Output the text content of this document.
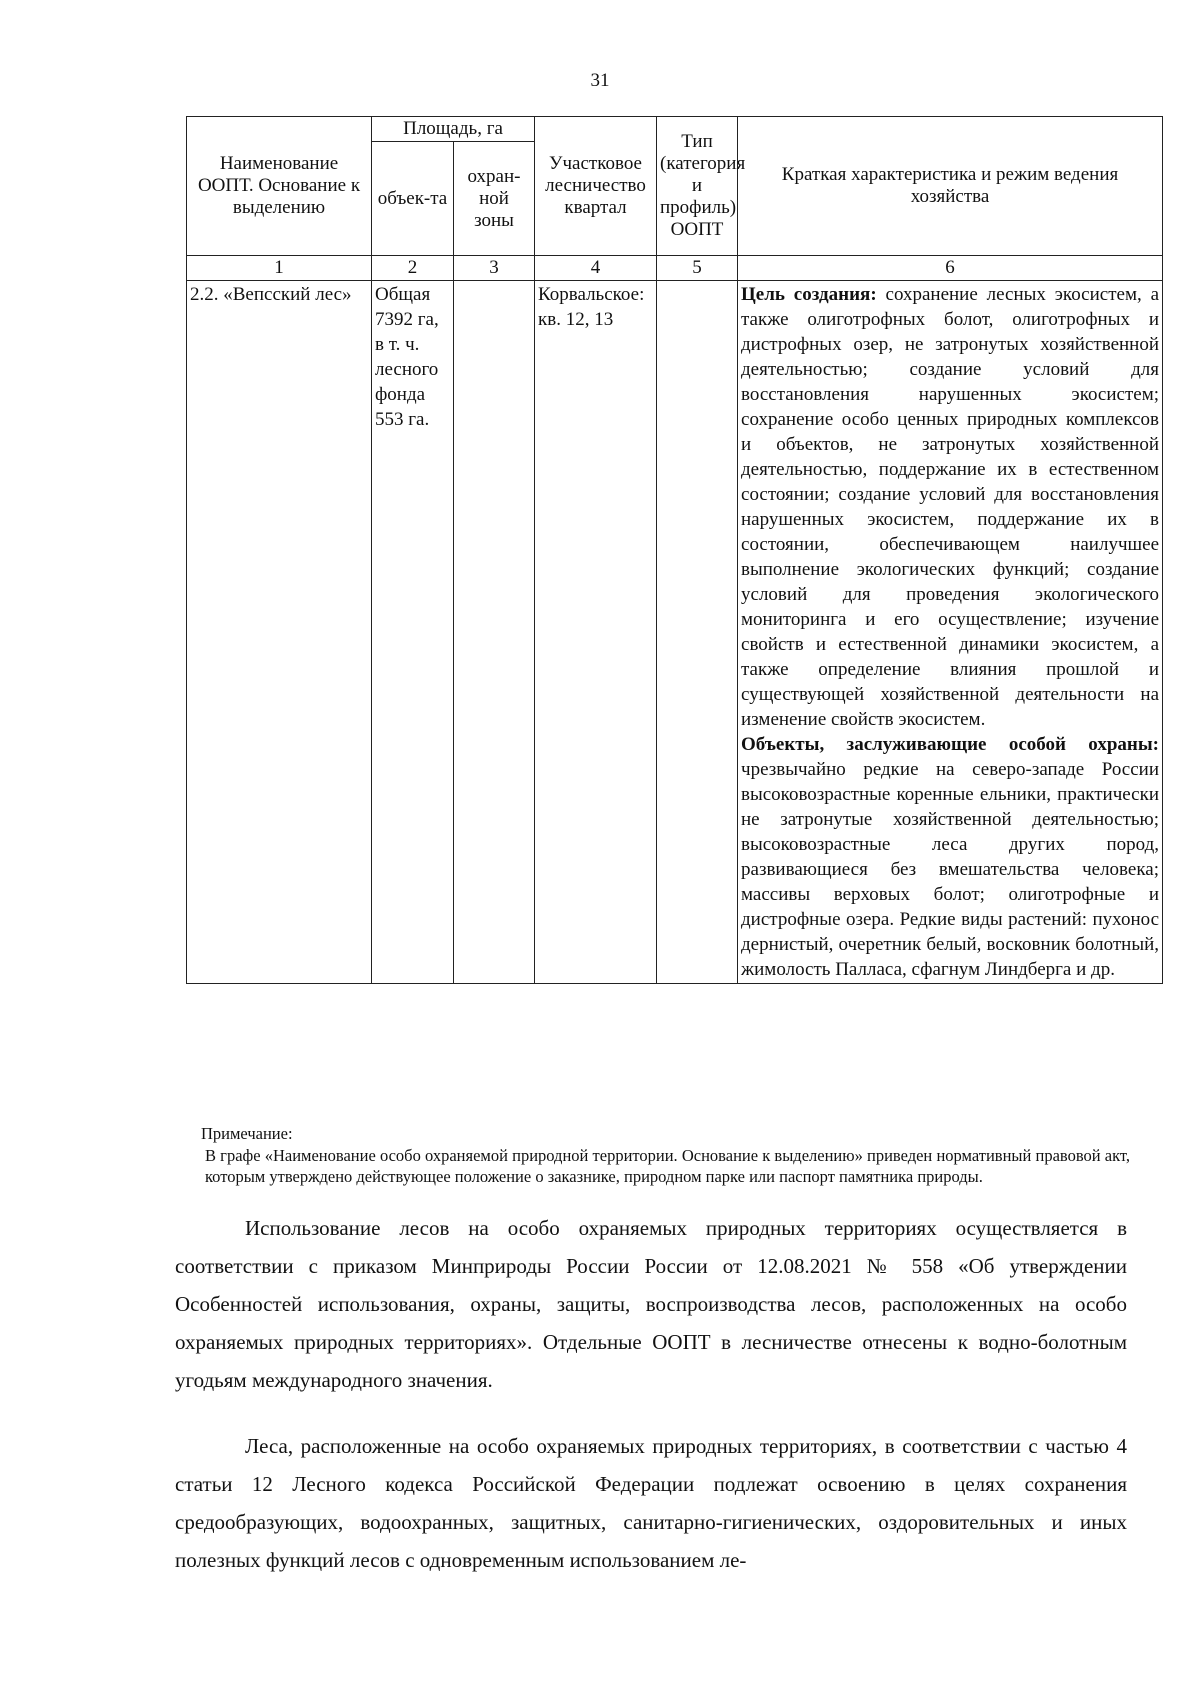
31
Наименование ООПТ. Основание к выделению	Площадь, га		Участковое лесничество квартал	Тип (категория и профиль) ООПТ	Краткая характеристика и режим ведения хозяйства
	объек-та	охран-ной зоны			
1	2	3	4	5	6
2.2. «Вепсский лес»	Общая 7392 га, в т. ч. лесного фонда 553 га.		Корвальское: кв. 12, 13		Цель создания: сохранение лесных экосистем, а также олиготрофных болот, олиготрофных и дистрофных озер, не затронутых хозяйственной деятельностью; создание условий для восстановления нарушенных экосистем; сохранение особо ценных природных комплексов и объектов, не затронутых хозяйственной деятельностью, поддержание их в естественном состоянии; создание условий для восстановления нарушенных экосистем, поддержание их в состоянии, обеспечивающем наилучшее выполнение экологических функций; создание условий для проведения экологического мониторинга и его осуществление; изучение свойств и естественной динамики экосистем, а также определение влияния прошлой и существующей хозяйственной деятельности на изменение свойств экосистем.
Объекты, заслуживающие особой охраны: чрезвычайно редкие на северо-западе России высоковозрастные коренные ельники, практически не затронутые хозяйственной деятельностью; высоковозрастные леса других пород, развивающиеся без вмешательства человека; массивы верховых болот; олиготрофные и дистрофные озера. Редкие виды растений: пухонос дернистый, очеретник белый, восковник болотный, жимолость Палласа, сфагнум Линдберга и др.
Примечание:
В графе «Наименование особо охраняемой природной территории. Основание к выделению» приведен нормативный правовой акт, которым утверждено действующее положение о заказнике, природном парке или паспорт памятника природы.
Использование лесов на особо охраняемых природных территориях осуществляется в соответствии с приказом Минприроды России России от 12.08.2021 № 558 «Об утверждении Особенностей использования, охраны, защиты, воспроизводства лесов, расположенных на особо охраняемых природных территориях». Отдельные ООПТ в лесничестве отнесены к водно-болотным угодьям международного значения.
Леса, расположенные на особо охраняемых природных территориях, в соответствии с частью 4 статьи 12 Лесного кодекса Российской Федерации подлежат освоению в целях сохранения средообразующих, водоохранных, защитных, санитарно-гигиенических, оздоровительных и иных полезных функций лесов с одновременным использованием ле-
